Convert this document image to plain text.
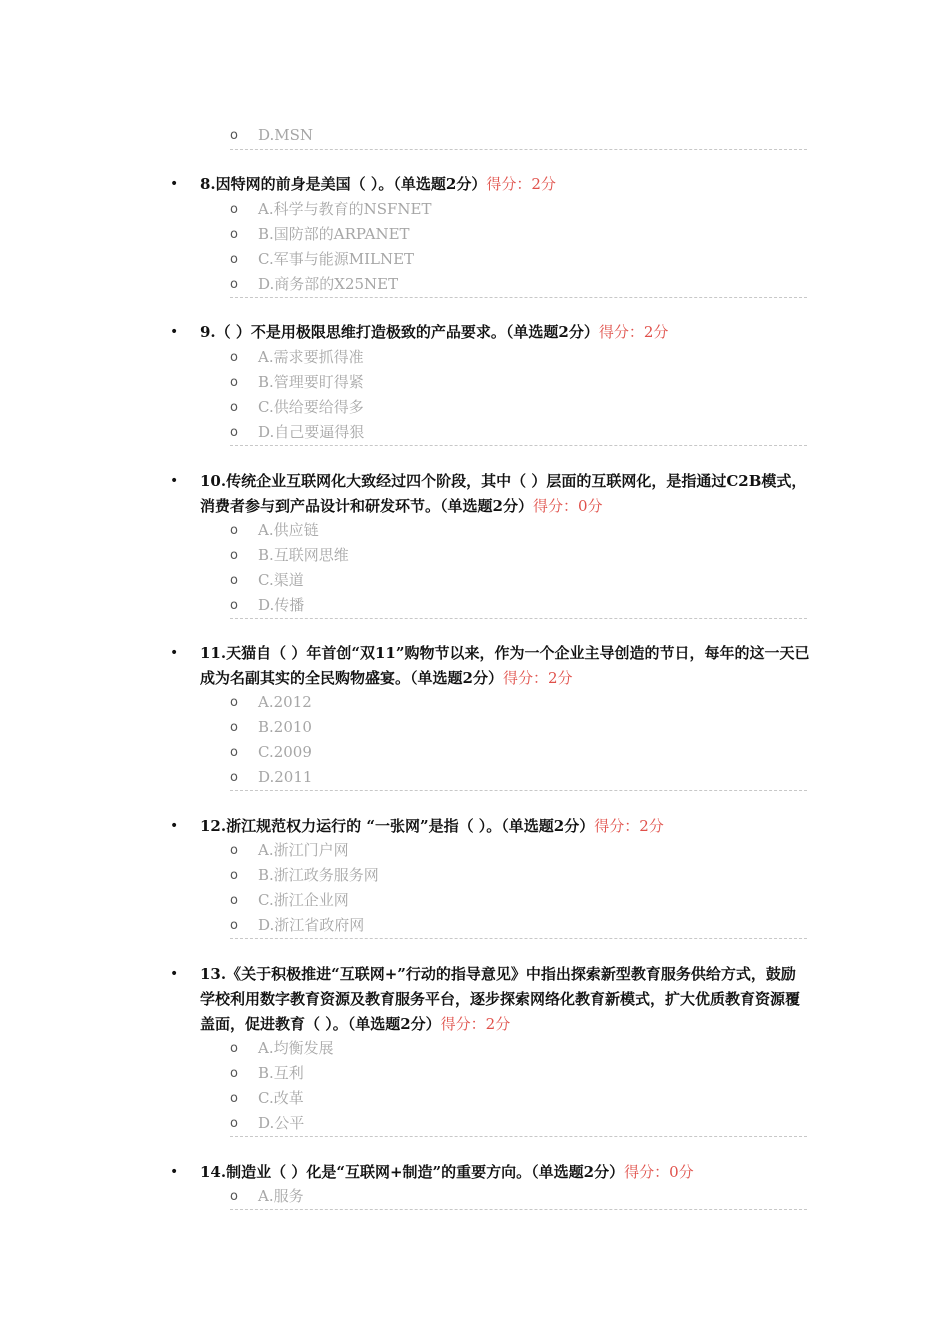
o	D.MSN
• 8.因特网的前身是美国（ ）。（单选题2分）得分：2分
o	A.科学与教育的NSFNET
o	B.国防部的ARPANET
o	C.军事与能源MILNET
o	D.商务部的X25NET
• 9.（ ）不是用极限思维打造极致的产品要求。（单选题2分）得分：2分
o	A.需求要抓得准
o	B.管理要盯得紧
o	C.供给要给得多
o	D.自己要逼得狠
• 10.传统企业互联网化大致经过四个阶段，其中（ ）层面的互联网化，是指通过C2B模式，消费者参与到产品设计和研发环节。（单选题2分）得分：0分
o	A.供应链
o	B.互联网思维
o	C.渠道
o	D.传播
• 11.天猫自（ ）年首创“双11”购物节以来，作为一个企业主导创造的节日，每年的这一天已成为名副其实的全民购物盛宴。（单选题2分）得分：2分
o	A.2012
o	B.2010
o	C.2009
o	D.2011
• 12.浙江规范权力运行的 “一张网”是指（ ）。（单选题2分）得分：2分
o	A.浙江门户网
o	B.浙江政务服务网
o	C.浙江企业网
o	D.浙江省政府网
• 13.《关于积极推进“互联网+”行动的指导意见》中指出探索新型教育服务供给方式，鼓励学校利用数字教育资源及教育服务平台，逐步探索网络化教育新模式，扩大优质教育资源覆盖面，促进教育（ ）。（单选题2分）得分：2分
o	A.均衡发展
o	B.互利
o	C.改革
o	D.公平
• 14.制造业（ ）化是“互联网+制造”的重要方向。（单选题2分）得分：0分
o	A.服务
